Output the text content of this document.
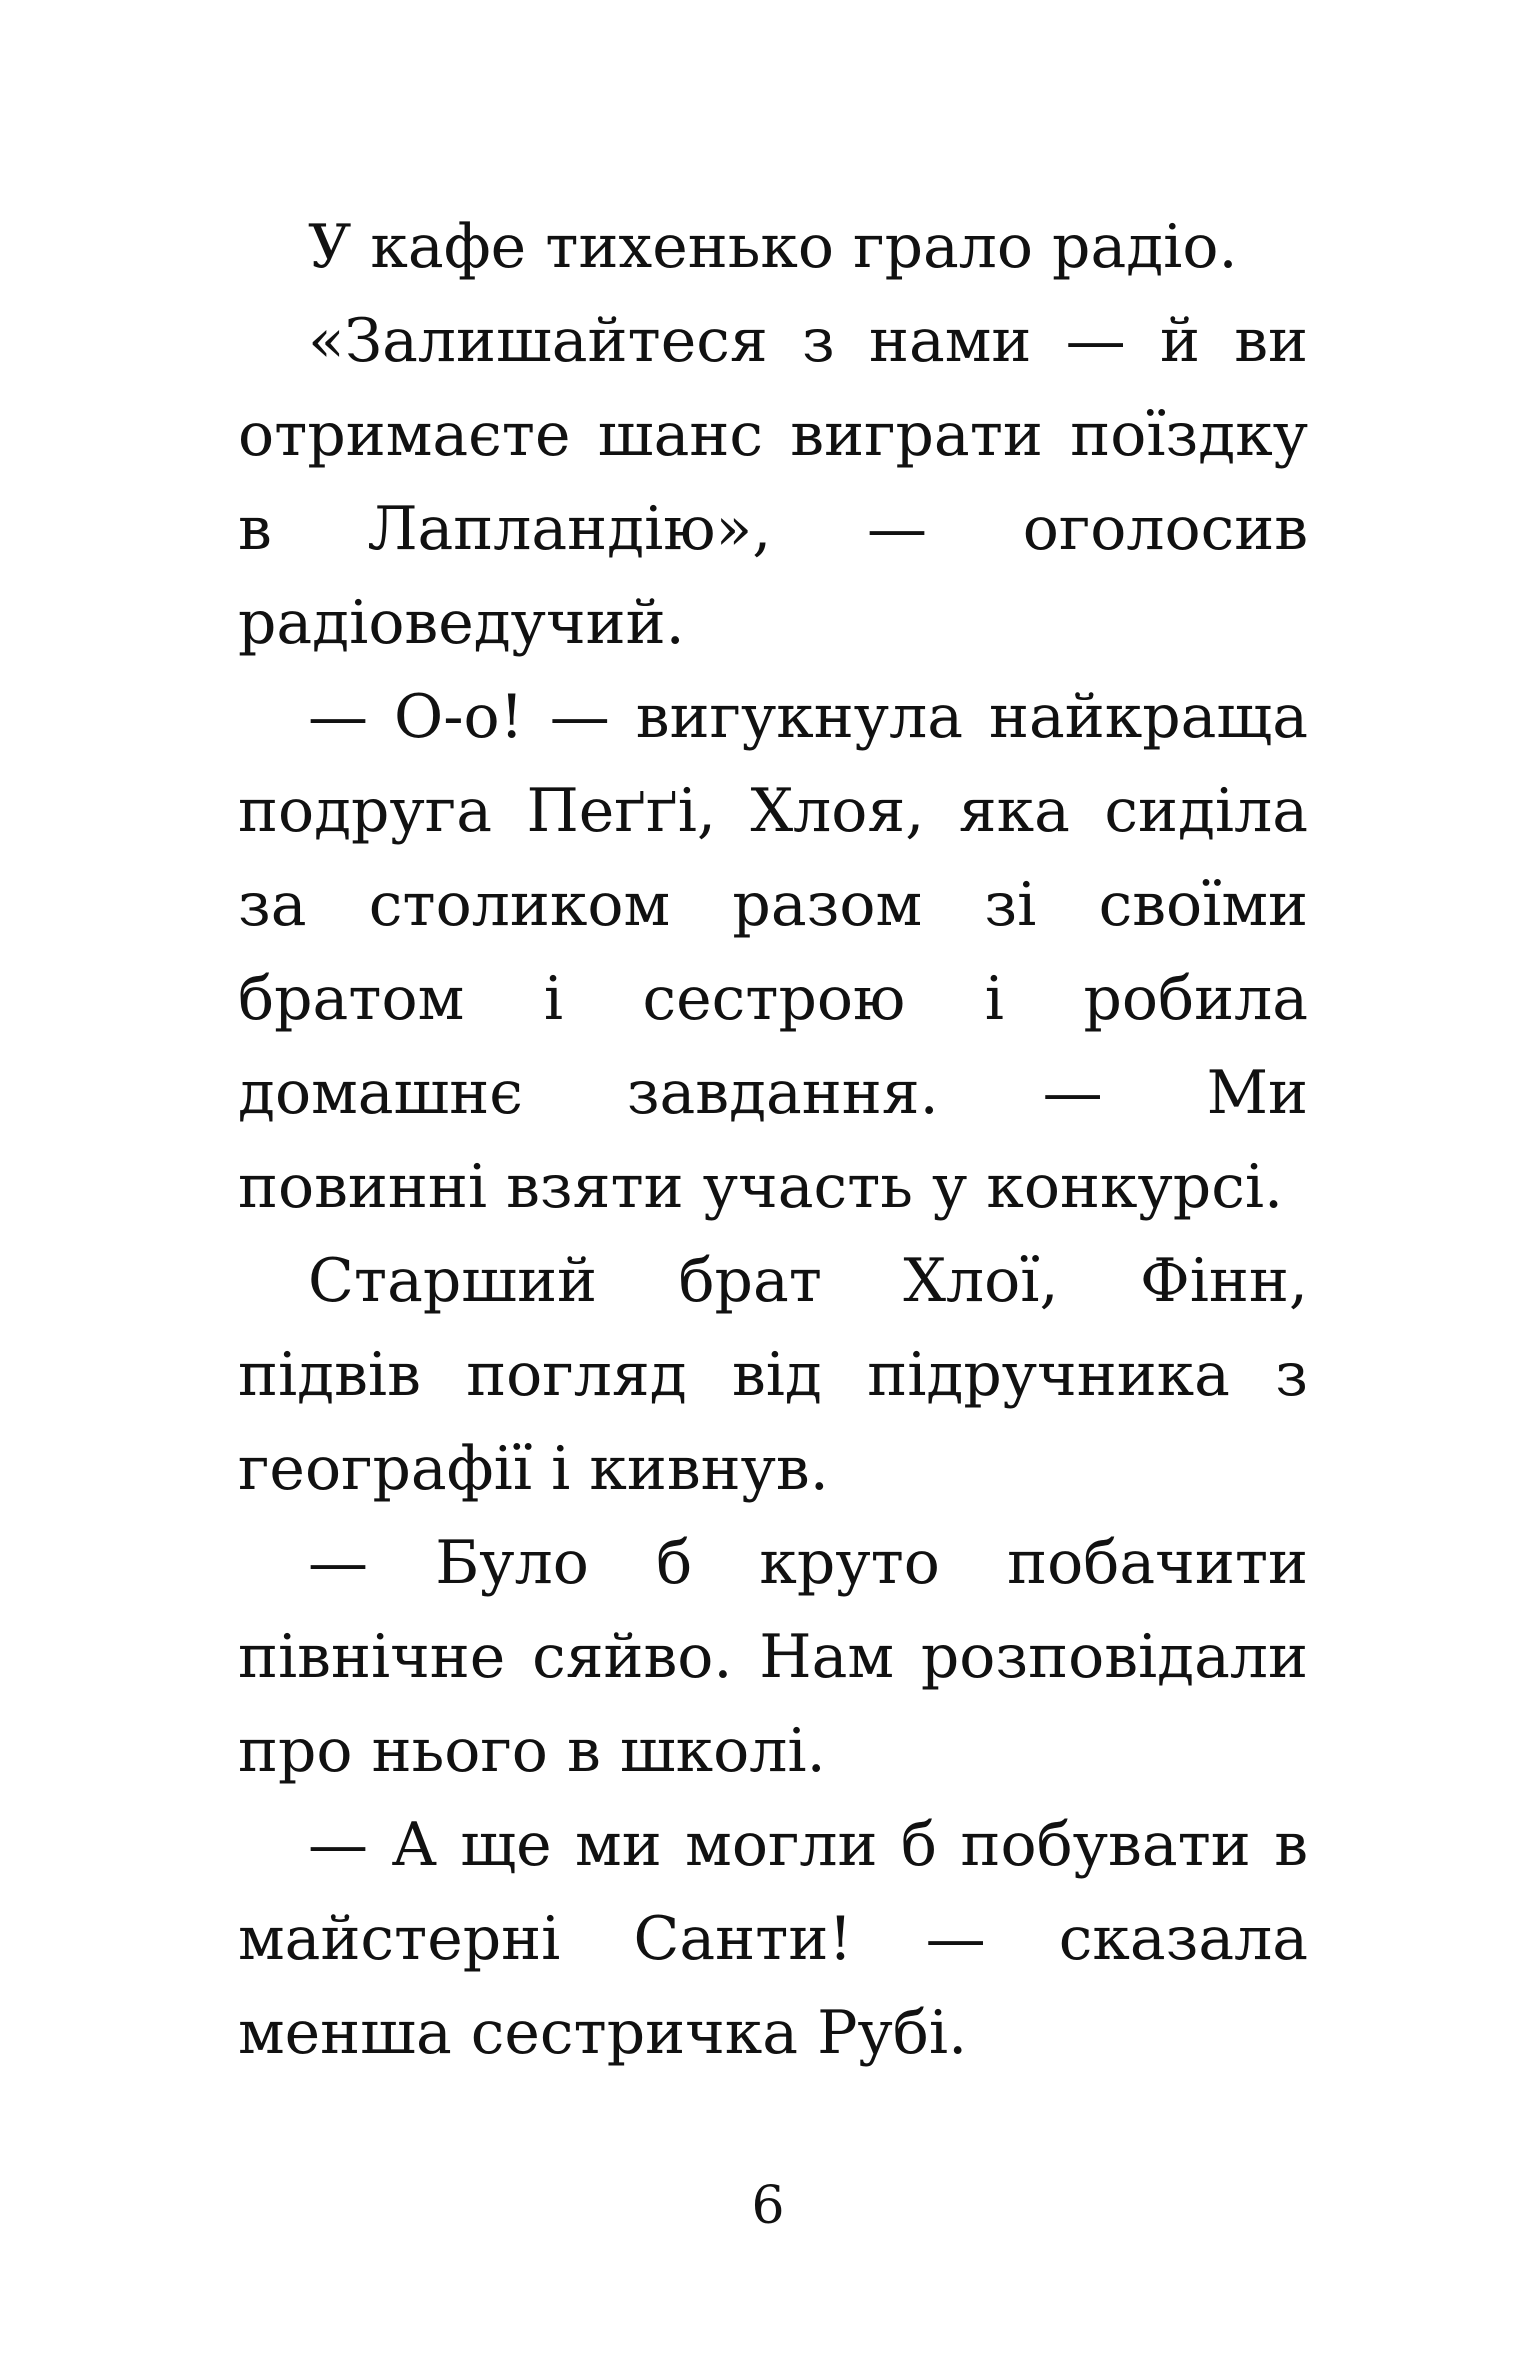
У кафе тихенько грало радіо.

«Залишайтеся з нами — й ви отримаєте шанс виграти поїздку в Лапландію», — оголосив радіоведучий.

— О-о! — вигукнула найкраща подруга Пеґґі, Хлоя, яка сиділа за столиком разом зі своїми братом і сестрою і робила домашнє завдання. — Ми повинні взяти участь у конкурсі.

Старший брат Хлої, Фінн, підвів погляд від підручника з географії і кивнув.

— Було б круто побачити північне сяйво. Нам розповідали про нього в школі.

— А ще ми могли б побувати в майстерні Санти! — сказала менша сестричка Рубі.

6
